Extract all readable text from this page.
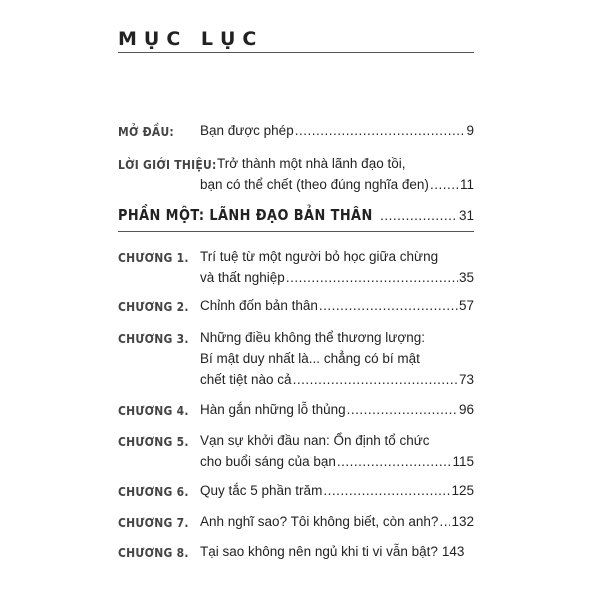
MỤC LỤC
MỞ ĐẦU: Bạn được phép .....	9
LỜI GIỚI THIỆU: Trở thành một nhà lãnh đạo tồi,
bạn có thể chết (theo đúng nghĩa đen) ..... 11
PHẦN MỘT: LÃNH ĐẠO BẢN THÂN .....	31
CHƯƠNG 1. Trí tuệ từ một người bỏ học giữa chừng
và thất nghiệp .....	35
CHƯƠNG 2. Chỉnh đốn bản thân .....	57
CHƯƠNG 3. Những điều không thể thương lượng:
Bí mật duy nhất là... chẳng có bí mật
chết tiệt nào cả .....	73
CHƯƠNG 4. Hàn gắn những lỗ thủng .....	96
CHƯƠNG 5. Vạn sự khởi đầu nan: Ổn định tổ chức
cho buổi sáng của bạn .....	115
CHƯƠNG 6. Quy tắc 5 phần trăm .....	125
CHƯƠNG 7. Anh nghĩ sao? Tôi không biết, còn anh? ..... 132
CHƯƠNG 8. Tại sao không nên ngủ khi ti vi vẫn bật? 143
